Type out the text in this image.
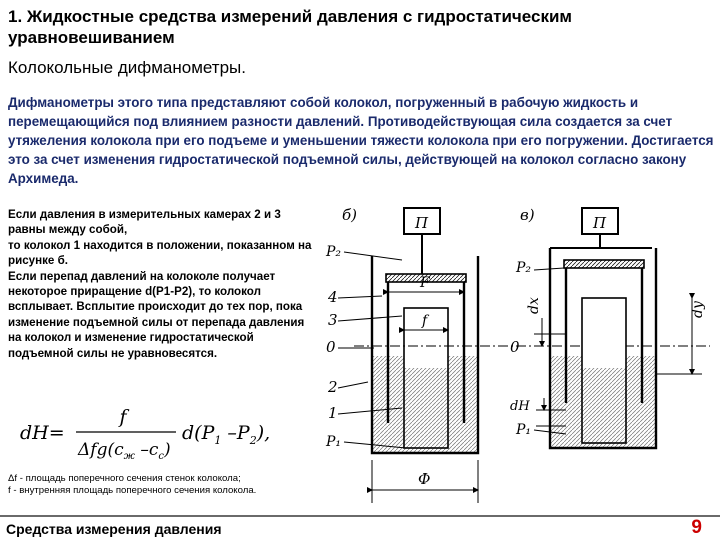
1. Жидкостные средства измерений давления с гидростатическим уравновешиванием
Колокольные дифманометры.
Дифманометры этого типа представляют собой колокол, погруженный в рабочую жидкость и перемещающийся под влиянием разности давлений. Противодействующая сила создается за счет утяжеления колокола при его подъеме и уменьшении тяжести колокола при его погружении. Достигается это за счет изменения гидростатической подъемной силы, действующей на колокол согласно закону Архимеда.

Если давления в измерительных камерах 2 и 3 равны между собой,

то колокол 1 находится в положении, показанном на рисунке б.

Если перепад давлений на колоколе получает некоторое приращение d(P1-P2), то колокол всплывает. Всплытие происходит до тех пор, пока изменение подъемной силы от перепада давления на колокол и изменение гидростатической подъемной силы не уравновесятся.

dH=
f
$\Delta fg(c_ж$ $-c_c$)
$d(P_1$ $-P_2$),

Δf - площадь поперечного сечения стенок колокола;

f - внутренняя площадь поперечного сечения колокола.

б)
4
3
0
2
1
P₂
P₁
П
F
f
Ф
в)	П
P₂
P₁
0
dx	dy
dH
Средства измерения давления	9
